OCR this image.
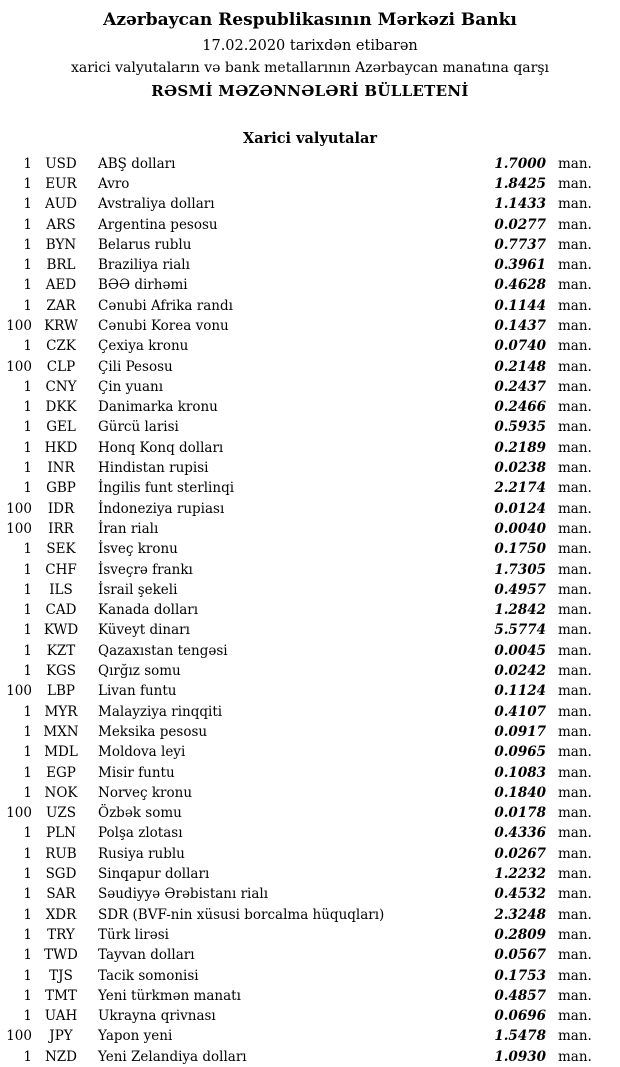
Azərbaycan Respublikasının Mərkəzi Bankı
17.02.2020 tarixdən etibarən
xarici valyutaların və bank metallarının Azərbaycan manatına qarşı
RƏSMİ MƏZƏNNƏLƏRİ BÜLLETENİ
Xarici valyutalar
1 USD	ABŞ dolları	1.7000 man.
1 EUR	Avro	1.8425 man.
1 AUD	Avstraliya dolları	1.1433 man.
1	ARS	Argentina pesosu	0.0277 man.
1	BYN	Belarus rublu	0.7737 man.
1	BRL	Braziliya rialı	0.3961 man.
1	AED	BƏƏ dirhəmi	0.4628 man.
1	ZAR	Cənubi Afrika randı	0.1144 man.
100 KRW	Cənubi Korea vonu	0.1437 man.
1	CZK	Çexiya kronu	0.0740 man.
100	CLP	Çili Pesosu	0.2148 man.
1 CNY	Çin yuanı	0.2437 man.
1	DKK	Danimarka kronu	0.2466 man.
1	GEL	Gürcü larisi	0.5935 man.
1 HKD	Honq Konq dolları	0.2189 man.
1	INR	Hindistan rupisi	0.0238 man.
1	GBP	İngilis funt sterlinqi	2.2174 man.
100	IDR	İndoneziya rupiası	0.0124 man.
100	IRR	İran rialı	0.0040 man.
1	SEK	İsveç kronu	0.1750 man.
1 CHF	İsveçrə frankı	1.7305 man.
1	ILS	İsrail şekeli	0.4957 man.
1	CAD	Kanada dolları	1.2842 man.
1 KWD	Küveyt dinarı	5.5774 man.
1	KZT	Qazaxıstan tengəsi	0.0045 man.
1	KGS	Qırğız somu	0.0242 man.
100	LBP	Livan funtu	0.1124 man.
1 MYR	Malayziya rinqqiti	0.4107 man.
1 MXN	Meksika pesosu	0.0917 man.
1 MDL	Moldova leyi	0.0965 man.
1	EGP	Misir funtu	0.1083 man.
1 NOK	Norveç kronu	0.1840 man.
100	UZS	Özbək somu	0.0178 man.
1	PLN	Polşa zlotası	0.4336 man.
1 RUB	Rusiya rublu	0.0267 man.
1	SGD	Sinqapur dolları	1.2232 man.
1	SAR	Səudiyyə Ərəbistanı rialı	0.4532 man.
1	XDR	SDR (BVF-nin xüsusi borcalma hüquqları)	2.3248 man.
1	TRY	Türk lirəsi	0.2809 man.
1 TWD	Tayvan dolları	0.0567 man.
1	TJS	Tacik somonisi	0.1753 man.
1 TMT	Yeni türkmən manatı	0.4857 man.
1 UAH	Ukrayna qrivnası	0.0696 man.
100	JPY	Yapon yeni	1.5478 man.
1 NZD	Yeni Zelandiya dolları	1.0930 man.
